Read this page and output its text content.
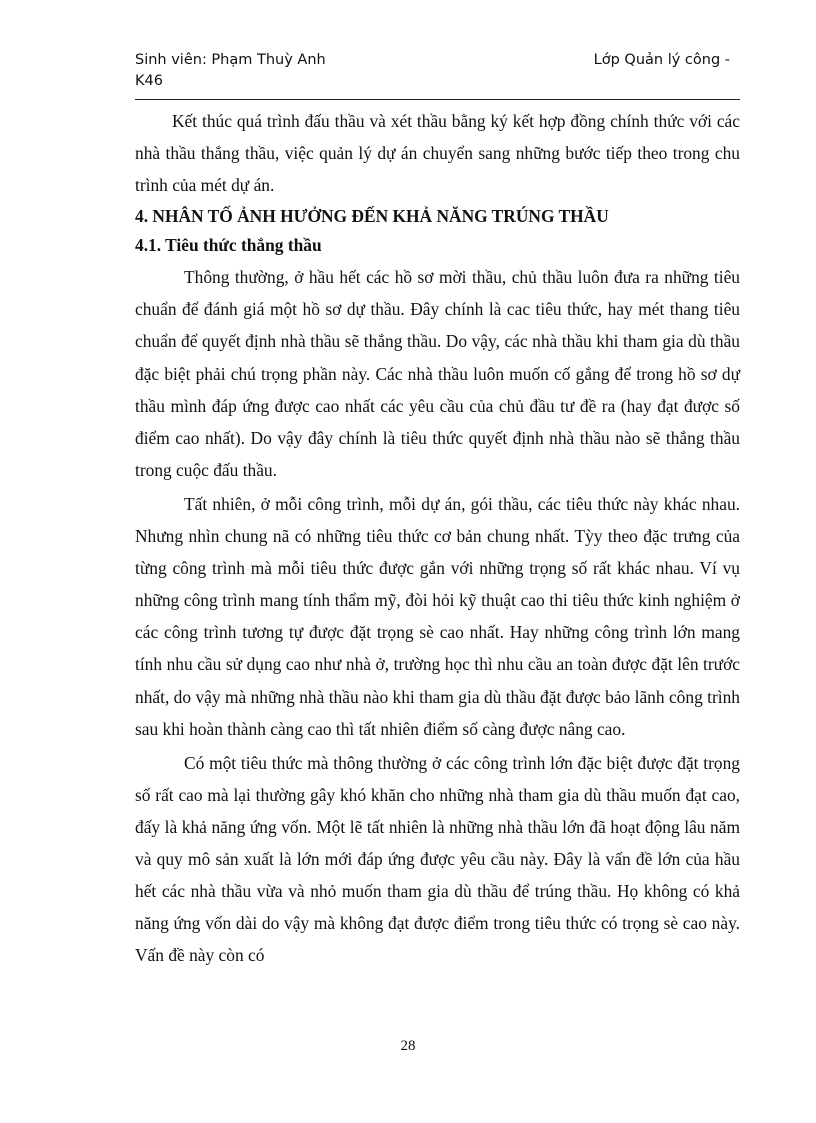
Sinh viên: Phạm Thuỳ Anh
K46
Lớp Quản lý công -

Kết thúc quá trình đấu thầu và xét thầu bằng ký kết hợp đồng chính thức với các nhà thầu thắng thầu, việc quản lý dự án chuyển sang những bước tiếp theo trong chu trình của mét dự án.

4. NHÂN TỐ ẢNH HƯỞNG ĐẾN KHẢ NĂNG TRÚNG THẦU

4.1. Tiêu thức thắng thầu

Thông thường, ở hầu hết các hồ sơ mời thầu, chủ thầu luôn đưa ra những tiêu chuẩn để đánh giá một hồ sơ dự thầu. Đây chính là cac tiêu thức, hay mét thang tiêu chuẩn để quyết định nhà thầu sẽ thắng thầu. Do vậy, các nhà thầu khi tham gia dù thầu đặc biệt phải chú trọng phần này. Các nhà thầu luôn muốn cố gắng để trong hồ sơ dự thầu mình đáp ứng được cao nhất các yêu cầu của chủ đầu tư đề ra (hay đạt được số điểm cao nhất). Do vậy đây chính là tiêu thức quyết định nhà thầu nào sẽ thắng thầu trong cuộc đấu thầu.

Tất nhiên, ở mỗi công trình, mỗi dự án, gói thầu, các tiêu thức này khác nhau. Nhưng nhìn chung nã có những tiêu thức cơ bản chung nhất. Tỳy theo đặc trưng của từng công trình mà mỗi tiêu thức được gắn với những trọng số rất khác nhau. Ví vụ những công trình mang tính thẩm mỹ, đòi hỏi kỹ thuật cao thi tiêu thức kinh nghiệm ở các công trình tương tự được đặt trọng sè cao nhất. Hay những công trình lớn mang tính nhu cầu sử dụng cao như nhà ở, trường học thì nhu cầu an toàn được đặt lên trước nhất, do vậy mà những nhà thầu nào khi tham gia dù thầu đặt được bảo lãnh công trình sau khi hoàn thành càng cao thì tất nhiên điểm số càng được nâng cao.

Có một tiêu thức mà thông thường ở các công trình lớn đặc biệt được đặt trọng số rất cao mà lại thường gây khó khăn cho những nhà tham gia dù thầu muốn đạt cao, đấy là khả năng ứng vốn. Một lẽ tất nhiên là những nhà thầu lớn đã hoạt động lâu năm và quy mô sản xuất là lớn mới đáp ứng được yêu cầu này. Đây là vấn đề lớn của hầu hết các nhà thầu vừa và nhỏ muốn tham gia dù thầu để trúng thầu. Họ không có khả năng ứng vốn dài do vậy mà không đạt được điểm trong tiêu thức có trọng sè cao này. Vấn đề này còn có

28
